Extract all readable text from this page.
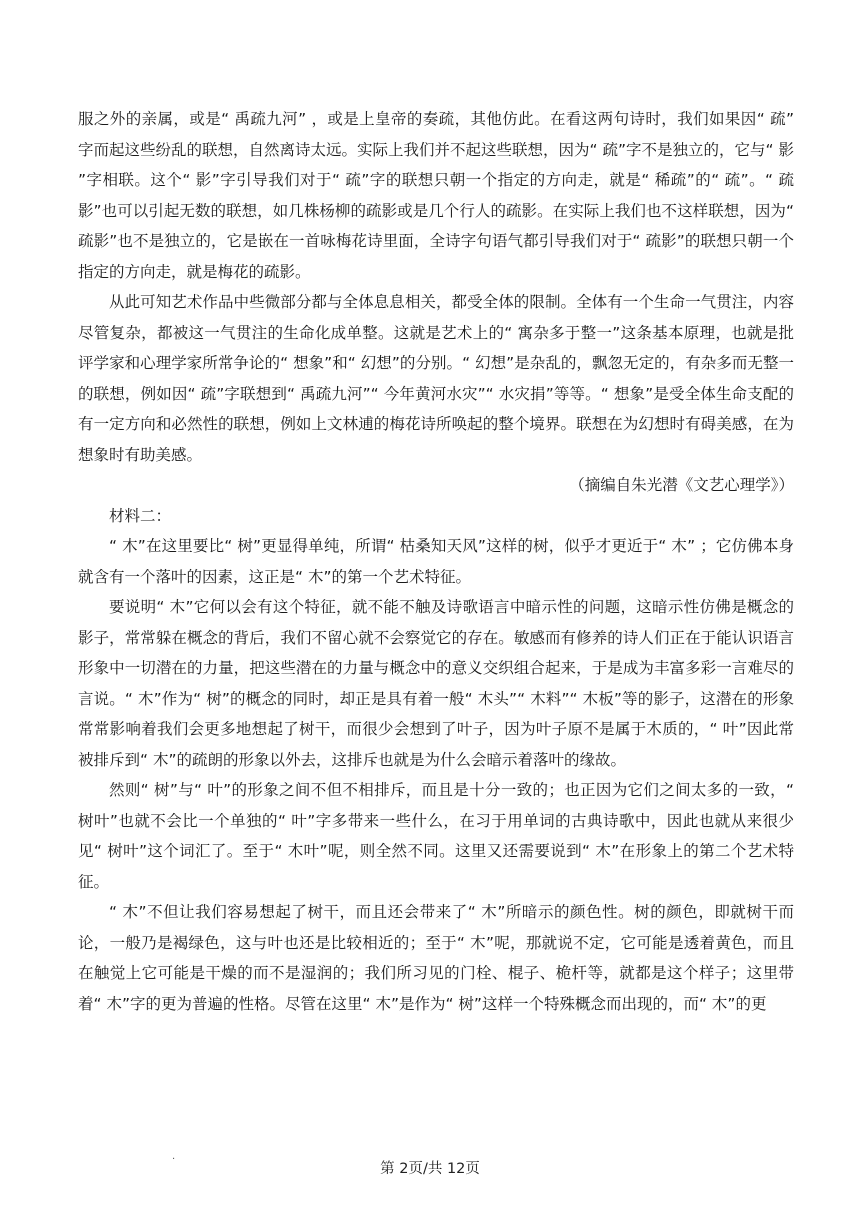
服之外的亲属，或是“ 禹疏九河” ，或是上皇帝的奏疏，其他仿此。在看这两句诗时，我们如果因“ 疏” 字而起这些纷乱的联想，自然离诗太远。实际上我们并不起这些联想，因为“ 疏”字不是独立的，它与“ 影 ”字相联。这个“ 影”字引导我们对于“ 疏”字的联想只朝一个指定的方向走，就是“ 稀疏”的“ 疏”。“ 疏影”也可以引起无数的联想，如几株杨柳的疏影或是几个行人的疏影。在实际上我们也不这样联想，因为“ 疏影”也不是独立的，它是嵌在一首咏梅花诗里面，全诗字句语气都引导我们对于“ 疏影”的联想只朝一个指定的方向走，就是梅花的疏影。

从此可知艺术作品中些微部分都与全体息息相关，都受全体的限制。全体有一个生命一气贯注，内容尽管复杂，都被这一气贯注的生命化成单整。这就是艺术上的“ 寓杂多于整一”这条基本原理，也就是批评学家和心理学家所常争论的“ 想象”和“ 幻想”的分别。“ 幻想”是杂乱的，飘忽无定的，有杂多而无整一的联想，例如因“ 疏”字联想到“ 禹疏九河”“ 今年黄河水灾”“ 水灾捐”等等。“ 想象”是受全体生命支配的有一定方向和必然性的联想，例如上文林逋的梅花诗所唤起的整个境界。联想在为幻想时有碍美感，在为想象时有助美感。

（摘编自朱光潜《文艺心理学》）

材料二：

“ 木”在这里要比“ 树”更显得单纯，所谓“ 枯桑知天风”这样的树，似乎才更近于“ 木” ；它仿佛本身就含有一个落叶的因素，这正是“ 木”的第一个艺术特征。

要说明“ 木”它何以会有这个特征，就不能不触及诗歌语言中暗示性的问题，这暗示性仿佛是概念的影子，常常躲在概念的背后，我们不留心就不会察觉它的存在。敏感而有修养的诗人们正在于能认识语言形象中一切潜在的力量，把这些潜在的力量与概念中的意义交织组合起来，于是成为丰富多彩一言难尽的言说。“ 木”作为“ 树”的概念的同时，却正是具有着一般“ 木头”“ 木料”“ 木板”等的影子，这潜在的形象常常影响着我们会更多地想起了树干，而很少会想到了叶子，因为叶子原不是属于木质的，“ 叶”因此常被排斥到“ 木”的疏朗的形象以外去，这排斥也就是为什么会暗示着落叶的缘故。

然则“ 树”与“ 叶”的形象之间不但不相排斥，而且是十分一致的；也正因为它们之间太多的一致，“ 树叶”也就不会比一个单独的“ 叶”字多带来一些什么，在习于用单词的古典诗歌中，因此也就从来很少见“ 树叶”这个词汇了。至于“ 木叶”呢，则全然不同。这里又还需要说到“ 木”在形象上的第二个艺术特征。

“ 木”不但让我们容易想起了树干，而且还会带来了“ 木”所暗示的颜色性。树的颜色，即就树干而论，一般乃是褐绿色，这与叶也还是比较相近的；至于“ 木”呢，那就说不定，它可能是透着黄色，而且在触觉上它可能是干燥的而不是湿润的；我们所习见的门栓、棍子、桅杆等，就都是这个样子；这里带着“ 木”字的更为普遍的性格。尽管在这里“ 木”是作为“ 树”这样一个特殊概念而出现的，而“ 木”的更

.
第 2页/共 12页
